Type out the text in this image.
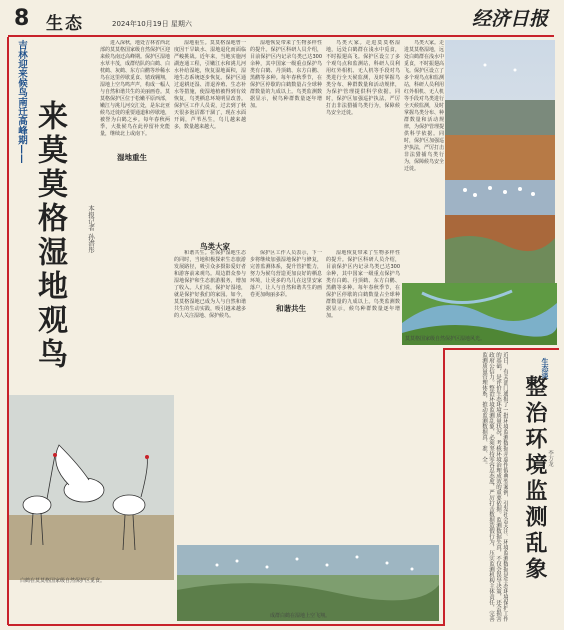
8 生态	2024年10月19日 星期六	经济日报
吉林迎来候鸟南迁高峰期—— 来莫莫格湿地观鸟	本报记者 孙潜彤
进入深秋，地处吉林省西北部的莫莫格国家级自然保护区迎来候鸟南迁高峰期。保护区湿地水草丰茂，成群结队的白鹤、白枕鹤、灰鹤、东方白鹳等珍稀水鸟在这里停歇觅食、嬉戏翱翔，湿地上空鸟鸣声声，构成一幅人与自然和谐共生的美丽画卷。莫莫格保护区位于松嫩平原西部，嫩江与洮儿河交汇处，是东北亚候鸟迁徙的重要通道和停歇地，被誉为白鹤之乡。每年春秋两季，大批候鸟在此停留补充能量，继续北上或南下。
湿地重生。莫莫格湿地曾一度因干旱缺水、湿地退化而面临严峻挑战。近年来，当地实施河湖连通工程，引嫩江水和洮儿河水补给湿地，恢复湿地面积，湿地生态系统逐步恢复。保护区通过退耕还湿、清退养殖、生态补水等措施，使湿地植被得到有效恢复，鸟类栖息环境明显改善。保护区工作人员说，过去到了秋天很多泡沼都干涸了，现在水面开阔，芦苇丛生，鸟儿越来越多，数量越来越大。
湿地恢复带来了生物多样性的提升。保护区科研人员介绍，目前保护区内记录鸟类已达300余种，其中国家一级重点保护鸟类有白鹤、丹顶鹤、东方白鹳、黑鹳等多种。每年春秋季节，在保护区停歇的白鹤数量占全球种群数量的九成以上。鸟类监测数据显示，候鸟种群数量逐年增加。
鸟类大家。走进莫莫格湿地，远处白鹤群在浅水中觅食，不时振翅高飞。保护区设立了多个观鸟点和监测站，科研人员利用红外相机、无人机等手段对鸟类进行全天候监测，及时掌握鸟类分布、种群数量和活动规律，为保护管理提供科学依据。同时，保护区加强巡护执法，严厉打击非法猎捕鸟类行为，保障候鸟安全迁徙。
湿地重生
和谐共生。在保护湿地生态的同时，当地积极探索生态旅游发展路径，吸引众多摄影爱好者和游客前来观鸟。周边群众参与湿地保护和生态旅游服务，增加了收入。人们说，保护好湿地，就是保护好我们的家园。如今，莫莫格湿地已成为人与自然和谐共生的生动实践，吸引越来越多的人关注湿地、保护候鸟。
鸟类大家
保护区工作人员表示，下一步将继续加强湿地保护与修复，完善监测体系，提升管护能力，努力为候鸟营造更加良好的栖息环境，让更多的鸟儿在这里安家落户，让人与自然和谐共生的画卷更加绚丽多彩。
和谐共生
湿地恢复带来了生物多样性的提升。保护区科研人员介绍，目前保护区内记录鸟类已达300余种，其中国家一级重点保护鸟类有白鹤、丹顶鹤、东方白鹳、黑鹳等多种。每年春秋季节，在保护区停歇的白鹤数量占全球种群数量的九成以上。鸟类监测数据显示，候鸟种群数量逐年增加。
鸟类大家。走进莫莫格湿地，远处白鹤群在浅水中觅食，不时振翅高飞。保护区设立了多个观鸟点和监测站，科研人员利用红外相机、无人机等手段对鸟类进行全天候监测，及时掌握鸟类分布、种群数量和活动规律，为保护管理提供科学依据。同时，保护区加强巡护执法，严厉打击非法猎捕鸟类行为，保障候鸟安全迁徙。
莫莫格国家级自然保护区湿地风光。
白鹤在莫莫格国家级自然保护区觅食。
成群白鹤在湿地上空飞翔。	近日，有关部门通报了一批环境监测数据弄虚作假典型案例，引发社会关注。环境监测数据是生态环境保护工作的基础，是评价生态环境质量状况、考核环境治理成效的重要依据。监测数据失真，不仅会误导决策，还会损害政府公信力。整治环境监测乱象，必须坚持零容忍态度，严厉打击数据造假行为，压实监测机构主体责任，完善监测质量管理体系，推动监测数据真、准、全。	生态谈
整治环境监测乱象 李万龙
